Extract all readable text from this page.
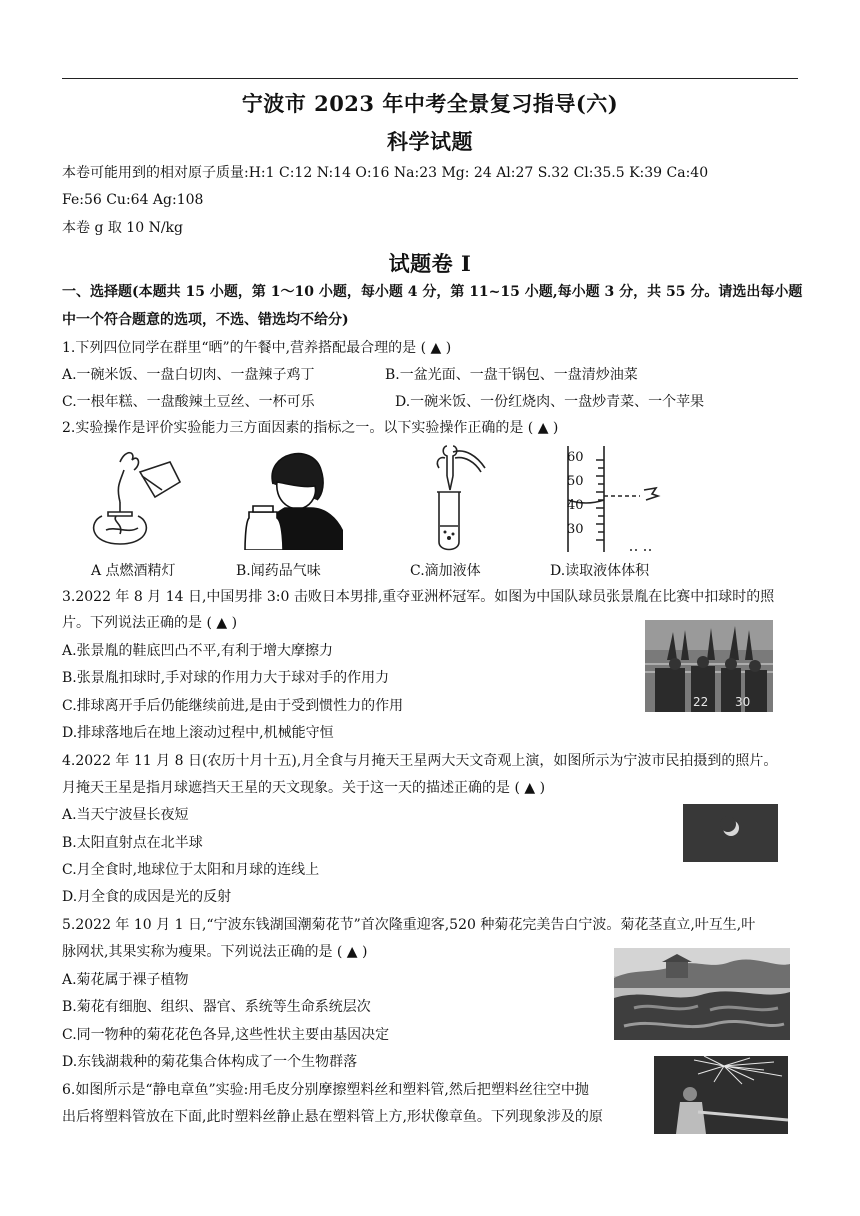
宁波市 2023 年中考全景复习指导(六)
科学试题
本卷可能用到的相对原子质量:H:1 C:12 N:14 O:16 Na:23 Mg: 24 Al:27 S.32 Cl:35.5 K:39 Ca:40
Fe:56 Cu:64 Ag:108
本卷 g 取 10 N/kg
试题卷 I
一、选择题(本题共 15 小题，第 1～10 小题，每小题 4 分，第 11~15 小题,每小题 3 分，共 55 分。请选出每小题
中一个符合题意的选项，不选、错选均不给分)
1.下列四位同学在群里“晒”的午餐中,营养搭配最合理的是 ( ▲ )
A.一碗米饭、一盘白切肉、一盘辣子鸡丁	B.一盆光面、一盘干锅包、一盘清炒油菜
C.一根年糕、一盘酸辣土豆丝、一杯可乐	D.一碗米饭、一份红烧肉、一盘炒青菜、一个苹果
2.实验操作是评价实验能力三方面因素的指标之一。以下实验操作正确的是 ( ▲ )
60
50
40
30
A 点燃酒精灯	B.闻药品气味	C.滴加液体	D.读取液体体积
3.2022 年 8 月 14 日,中国男排 3:0 击败日本男排,重夺亚洲杯冠军。如图为中国队球员张景胤在比赛中扣球时的照
片。下列说法正确的是 ( ▲ )
A.张景胤的鞋底凹凸不平,有利于增大摩擦力
B.张景胤扣球时,手对球的作用力大于球对手的作用力
C.排球离开手后仍能继续前进,是由于受到惯性力的作用
D.排球落地后在地上滚动过程中,机械能守恒
22 30
4.2022 年 11 月 8 日(农历十月十五),月全食与月掩天王星两大天文奇观上演，如图所示为宁波市民拍摄到的照片。
月掩天王星是指月球遮挡天王星的天文现象。关于这一天的描述正确的是 ( ▲ )
A.当天宁波昼长夜短
B.太阳直射点在北半球
C.月全食时,地球位于太阳和月球的连线上
D.月全食的成因是光的反射
5.2022 年 10 月 1 日,“宁波东钱湖国潮菊花节”首次隆重迎客,520 种菊花完美告白宁波。菊花茎直立,叶互生,叶
脉网状,其果实称为瘦果。下列说法正确的是 ( ▲ )
A.菊花属于裸子植物
B.菊花有细胞、组织、器官、系统等生命系统层次
C.同一物种的菊花花色各异,这些性状主要由基因决定
D.东钱湖栽种的菊花集合体构成了一个生物群落
6.如图所示是“静电章鱼”实验:用毛皮分别摩擦塑料丝和塑料管,然后把塑料丝往空中抛
出后将塑料管放在下面,此时塑料丝静止悬在塑料管上方,形状像章鱼。下列现象涉及的原
